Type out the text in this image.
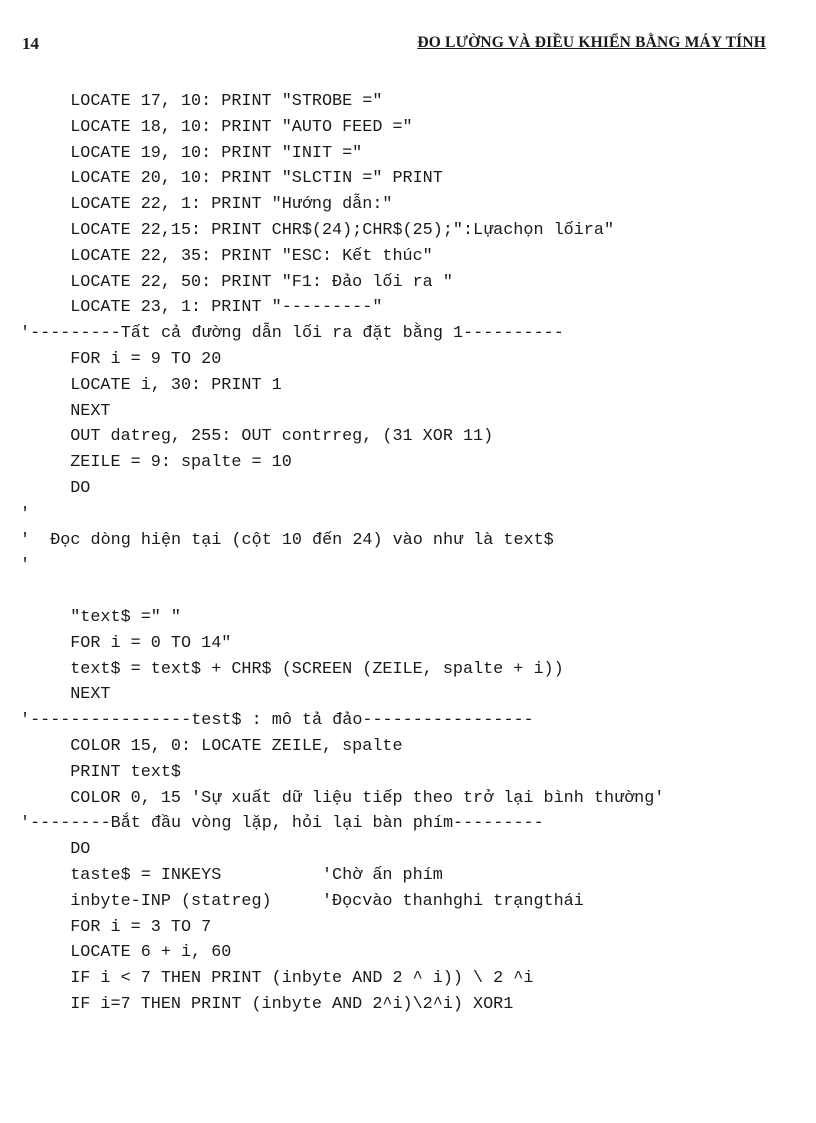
14	ĐO LƯỜNG VÀ ĐIỀU KHIỂN BẰNG MÁY TÍNH
LOCATE 17, 10: PRINT "STROBE ="
LOCATE 18, 10: PRINT "AUTO FEED ="
LOCATE 19, 10: PRINT "INIT ="
LOCATE 20, 10: PRINT "SLCTIN =" PRINT
LOCATE 22, 1: PRINT "Hướng dẫn:"
LOCATE 22,15: PRINT CHR$(24);CHR$(25);":Lựachọn lốira"
LOCATE 22, 35: PRINT "ESC: Kết thúc"
LOCATE 22, 50: PRINT "F1: Đảo lối ra "
LOCATE 23, 1: PRINT "---------"
'---------Tất cả đường dẫn lối ra đặt bằng 1----------
FOR i = 9 TO 20
LOCATE i, 30: PRINT 1
NEXT
OUT datreg, 255: OUT contrreg, (31 XOR 11)
ZEILE = 9: spalte = 10
DO
'
'  Đọc dòng hiện tại (cột 10 đến 24) vào như là text$
'
"text$ =" "
FOR i = 0 TO 14"
text$ = text$ + CHR$ (SCREEN (ZEILE, spalte + i))
NEXT
'----------------test$ : mô tả đảo-----------------
COLOR 15, 0: LOCATE ZEILE, spalte
PRINT text$
COLOR 0, 15 'Sự xuất dữ liệu tiếp theo trở lại bình thường'
'--------Bắt đầu vòng lặp, hỏi lại bàn phím---------
DO
taste$ = INKEYS          'Chờ ấn phím
inbyte-INP (statreg)     'Đọcvào thanhghi trạngthái
FOR i = 3 TO 7
LOCATE 6 + i, 60
IF i < 7 THEN PRINT (inbyte AND 2 ^ i)) \ 2 ^i
IF i=7 THEN PRINT (inbyte AND 2^i)\2^i) XOR1
